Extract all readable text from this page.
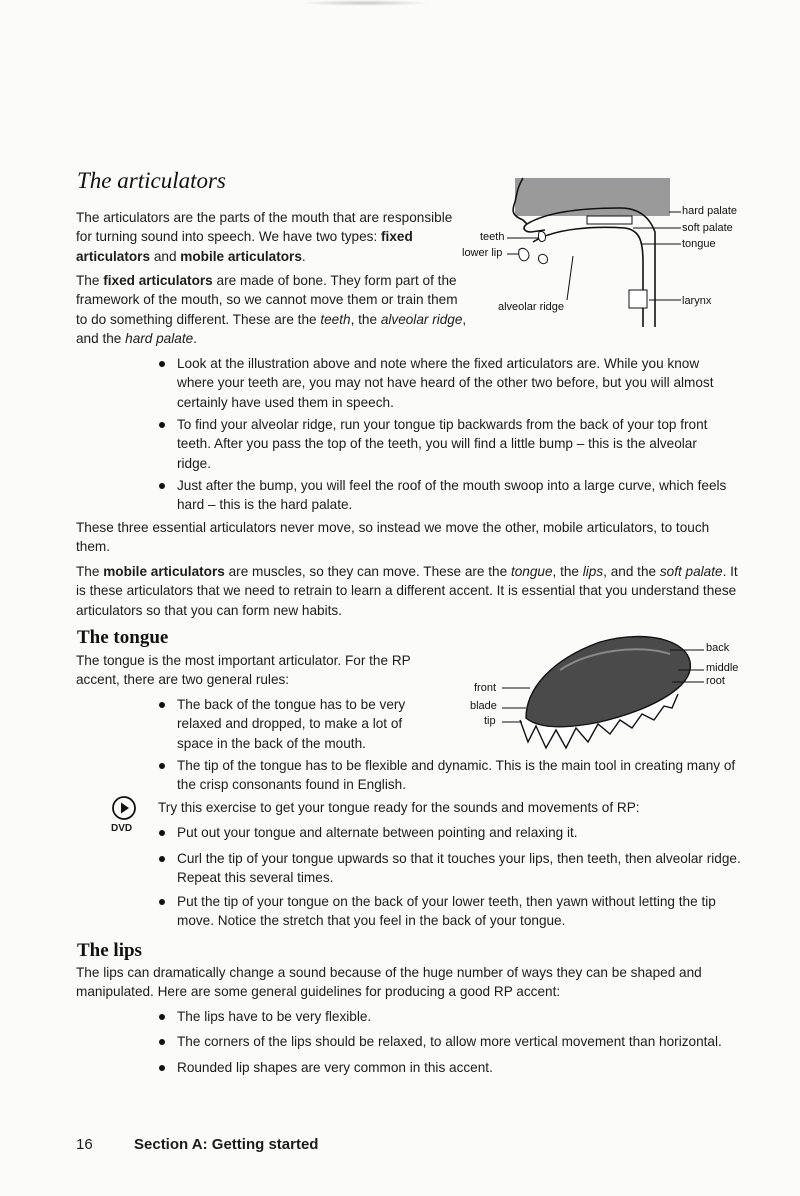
The articulators

The articulators are the parts of the mouth that are responsible for turning sound into speech. We have two types: fixed articulators and mobile articulators.

The fixed articulators are made of bone. They form part of the framework of the mouth, so we cannot move them or train them to do something different. These are the teeth, the alveolar ridge, and the hard palate.

hard palate
soft palate
tongue
teeth
lower lip
alveolar ridge	larynx

Look at the illustration above and note where the fixed articulators are. While you know where your teeth are, you may not have heard of the other two before, but you will almost certainly have used them in speech.

To find your alveolar ridge, run your tongue tip backwards from the back of your top front teeth. After you pass the top of the teeth, you will find a little bump – this is the alveolar ridge.

Just after the bump, you will feel the roof of the mouth swoop into a large curve, which feels hard – this is the hard palate.

These three essential articulators never move, so instead we move the other, mobile articulators, to touch them.

The mobile articulators are muscles, so they can move. These are the tongue, the lips, and the soft palate. It is these articulators that we need to retrain to learn a different accent. It is essential that you understand these articulators so that you can form new habits.

The tongue

The tongue is the most important articulator. For the RP accent, there are two general rules:

back
middle
root
front
blade
tip

The back of the tongue has to be very relaxed and dropped, to make a lot of space in the back of the mouth.

The tip of the tongue has to be flexible and dynamic. This is the main tool in creating many of the crisp consonants found in English.

DVD

Try this exercise to get your tongue ready for the sounds and movements of RP:

Put out your tongue and alternate between pointing and relaxing it.

Curl the tip of your tongue upwards so that it touches your lips, then teeth, then alveolar ridge. Repeat this several times.

Put the tip of your tongue on the back of your lower teeth, then yawn without letting the tip move. Notice the stretch that you feel in the back of your tongue.

The lips

The lips can dramatically change a sound because of the huge number of ways they can be shaped and manipulated. Here are some general guidelines for producing a good RP accent:

The lips have to be very flexible.

The corners of the lips should be relaxed, to allow more vertical movement than horizontal.

Rounded lip shapes are very common in this accent.

16	Section A: Getting started
